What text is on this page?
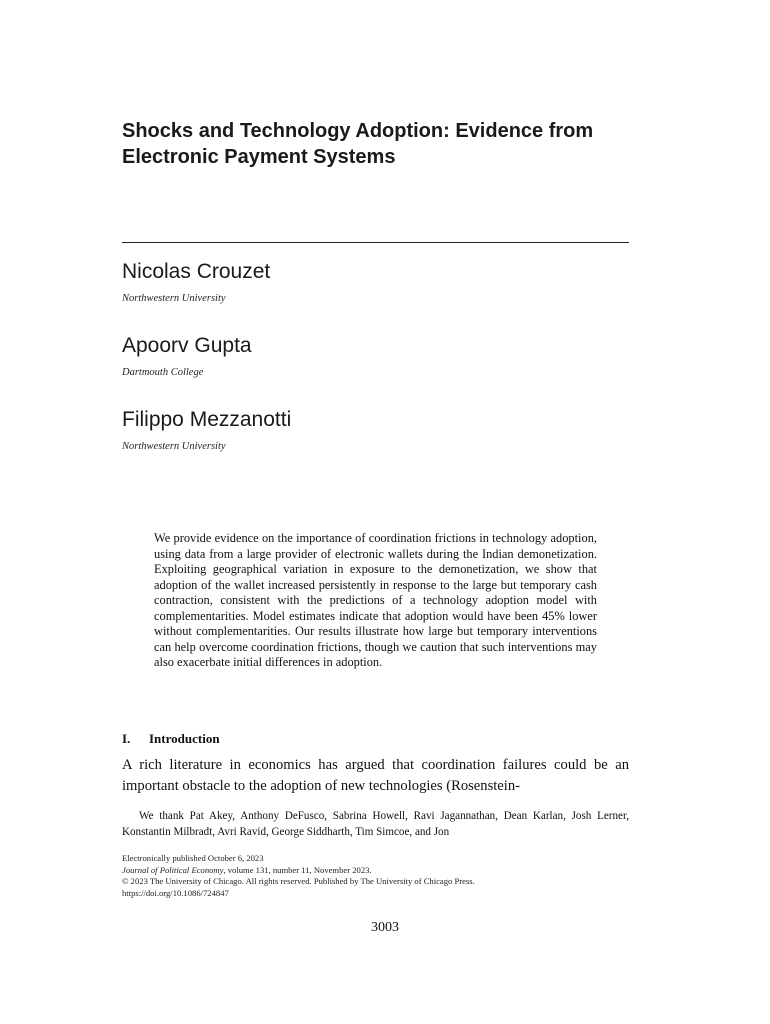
Shocks and Technology Adoption: Evidence from Electronic Payment Systems
Nicolas Crouzet
Northwestern University
Apoorv Gupta
Dartmouth College
Filippo Mezzanotti
Northwestern University

We provide evidence on the importance of coordination frictions in technology adoption, using data from a large provider of electronic wallets during the Indian demonetization. Exploiting geographical variation in exposure to the demonetization, we show that adoption of the wallet increased persistently in response to the large but temporary cash contraction, consistent with the predictions of a technology adoption model with complementarities. Model estimates indicate that adoption would have been 45% lower without complementarities. Our results illustrate how large but temporary interventions can help overcome coordination frictions, though we caution that such interventions may also exacerbate initial differences in adoption.

I. Introduction

A rich literature in economics has argued that coordination failures could be an important obstacle to the adoption of new technologies (Rosenstein-

We thank Pat Akey, Anthony DeFusco, Sabrina Howell, Ravi Jagannathan, Dean Karlan, Josh Lerner, Konstantin Milbradt, Avri Ravid, George Siddharth, Tim Simcoe, and Jon

Electronically published October 6, 2023
Journal of Political Economy, volume 131, number 11, November 2023.
© 2023 The University of Chicago. All rights reserved. Published by The University of Chicago Press.
https://doi.org/10.1086/724847

3003
